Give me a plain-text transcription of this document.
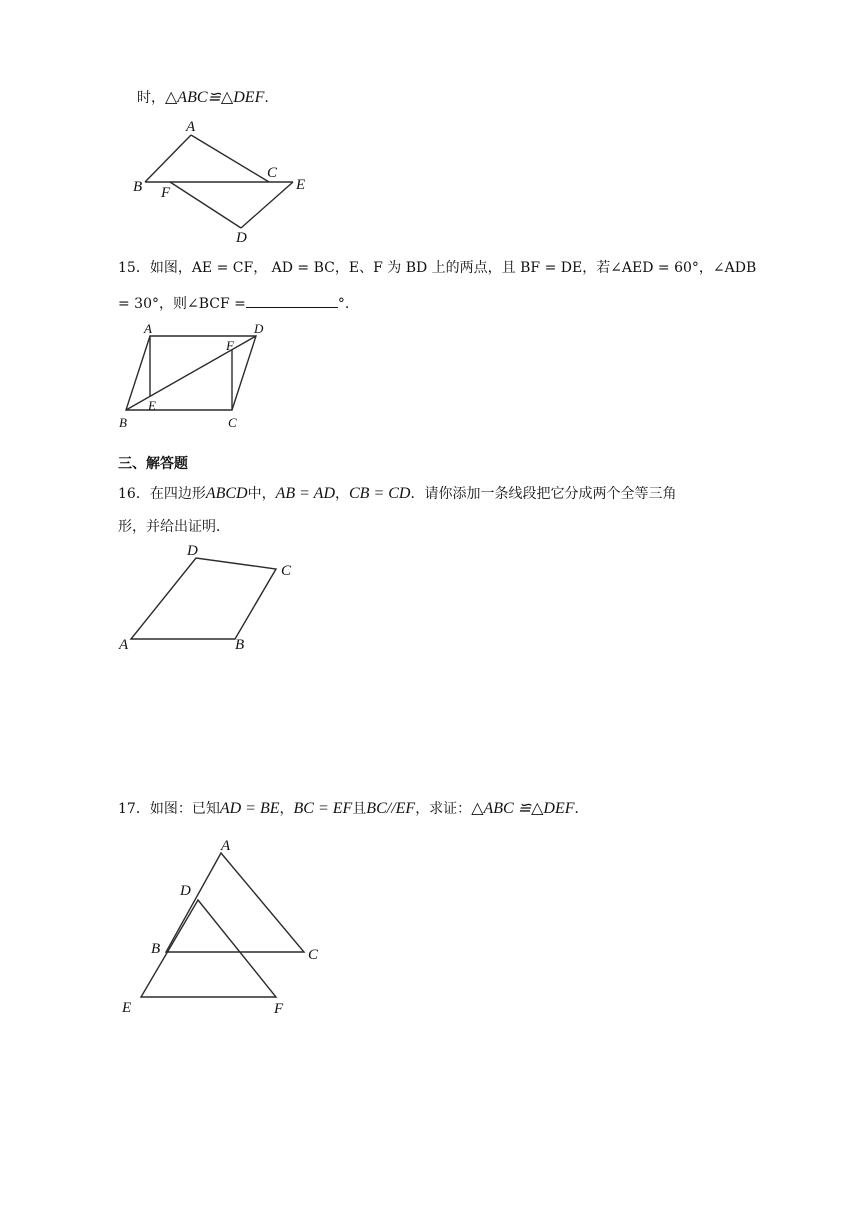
时，△ABC≌△DEF.
A
B
C
D
E
F
15．如图，AE = CF， AD = BC，E、F 为 BD 上的两点，且 BF = DE，若∠AED = 60°，∠ADB
= 30°，则∠BCF =	°.
A	D
F
E
B	C
三、解答题
16．在四边形ABCD中，AB = AD，CB = CD．请你添加一条线段把它分成两个全等三角
形，并给出证明．
D
C
A	B
17．如图：已知AD = BE，BC = EF且BC//EF，求证：△ABC ≌△DEF．
A
D
B	C
E	F
